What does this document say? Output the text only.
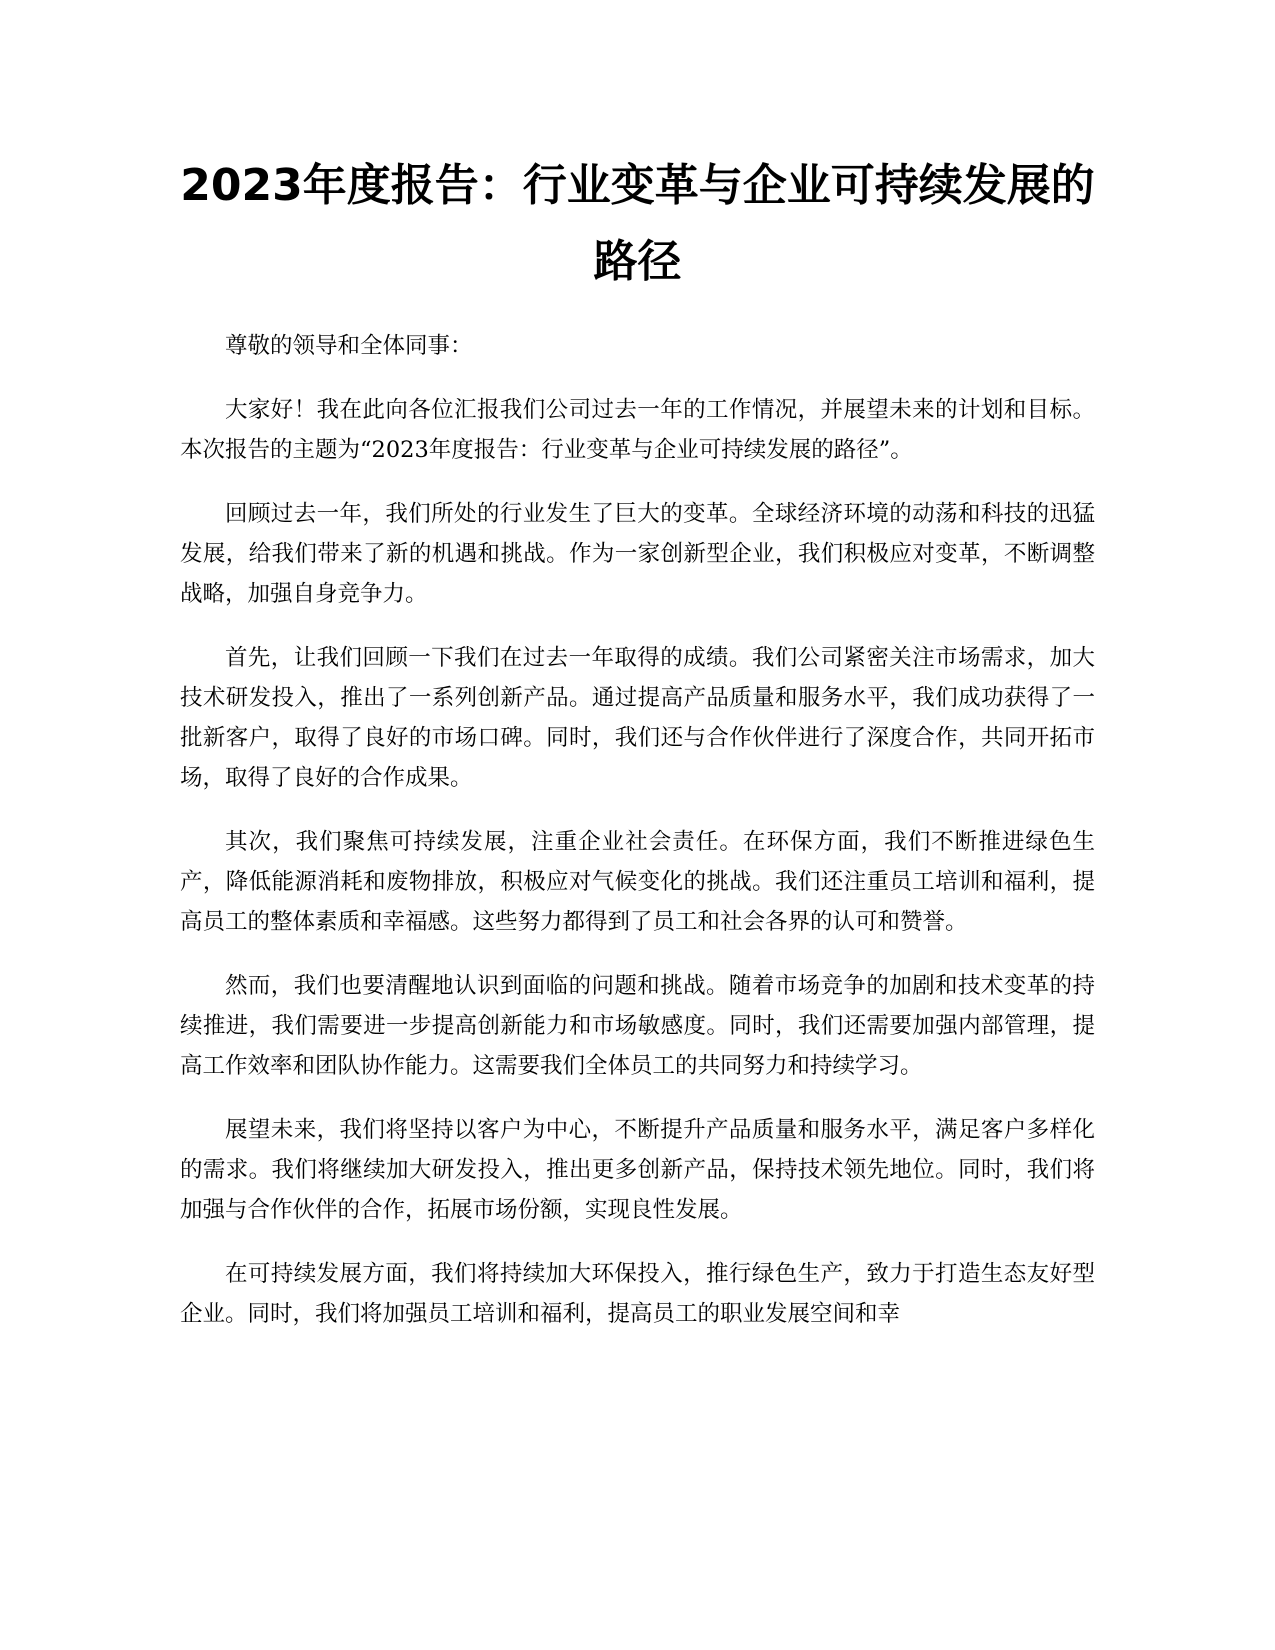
2023年度报告：行业变革与企业可持续发展的路径

尊敬的领导和全体同事：

大家好！我在此向各位汇报我们公司过去一年的工作情况，并展望未来的计划和目标。本次报告的主题为“2023年度报告：行业变革与企业可持续发展的路径”。

回顾过去一年，我们所处的行业发生了巨大的变革。全球经济环境的动荡和科技的迅猛发展，给我们带来了新的机遇和挑战。作为一家创新型企业，我们积极应对变革，不断调整战略，加强自身竞争力。

首先，让我们回顾一下我们在过去一年取得的成绩。我们公司紧密关注市场需求，加大技术研发投入，推出了一系列创新产品。通过提高产品质量和服务水平，我们成功获得了一批新客户，取得了良好的市场口碑。同时，我们还与合作伙伴进行了深度合作，共同开拓市场，取得了良好的合作成果。

其次，我们聚焦可持续发展，注重企业社会责任。在环保方面，我们不断推进绿色生产，降低能源消耗和废物排放，积极应对气候变化的挑战。我们还注重员工培训和福利，提高员工的整体素质和幸福感。这些努力都得到了员工和社会各界的认可和赞誉。

然而，我们也要清醒地认识到面临的问题和挑战。随着市场竞争的加剧和技术变革的持续推进，我们需要进一步提高创新能力和市场敏感度。同时，我们还需要加强内部管理，提高工作效率和团队协作能力。这需要我们全体员工的共同努力和持续学习。

展望未来，我们将坚持以客户为中心，不断提升产品质量和服务水平，满足客户多样化的需求。我们将继续加大研发投入，推出更多创新产品，保持技术领先地位。同时，我们将加强与合作伙伴的合作，拓展市场份额，实现良性发展。

在可持续发展方面，我们将持续加大环保投入，推行绿色生产，致力于打造生态友好型企业。同时，我们将加强员工培训和福利，提高员工的职业发展空间和幸
